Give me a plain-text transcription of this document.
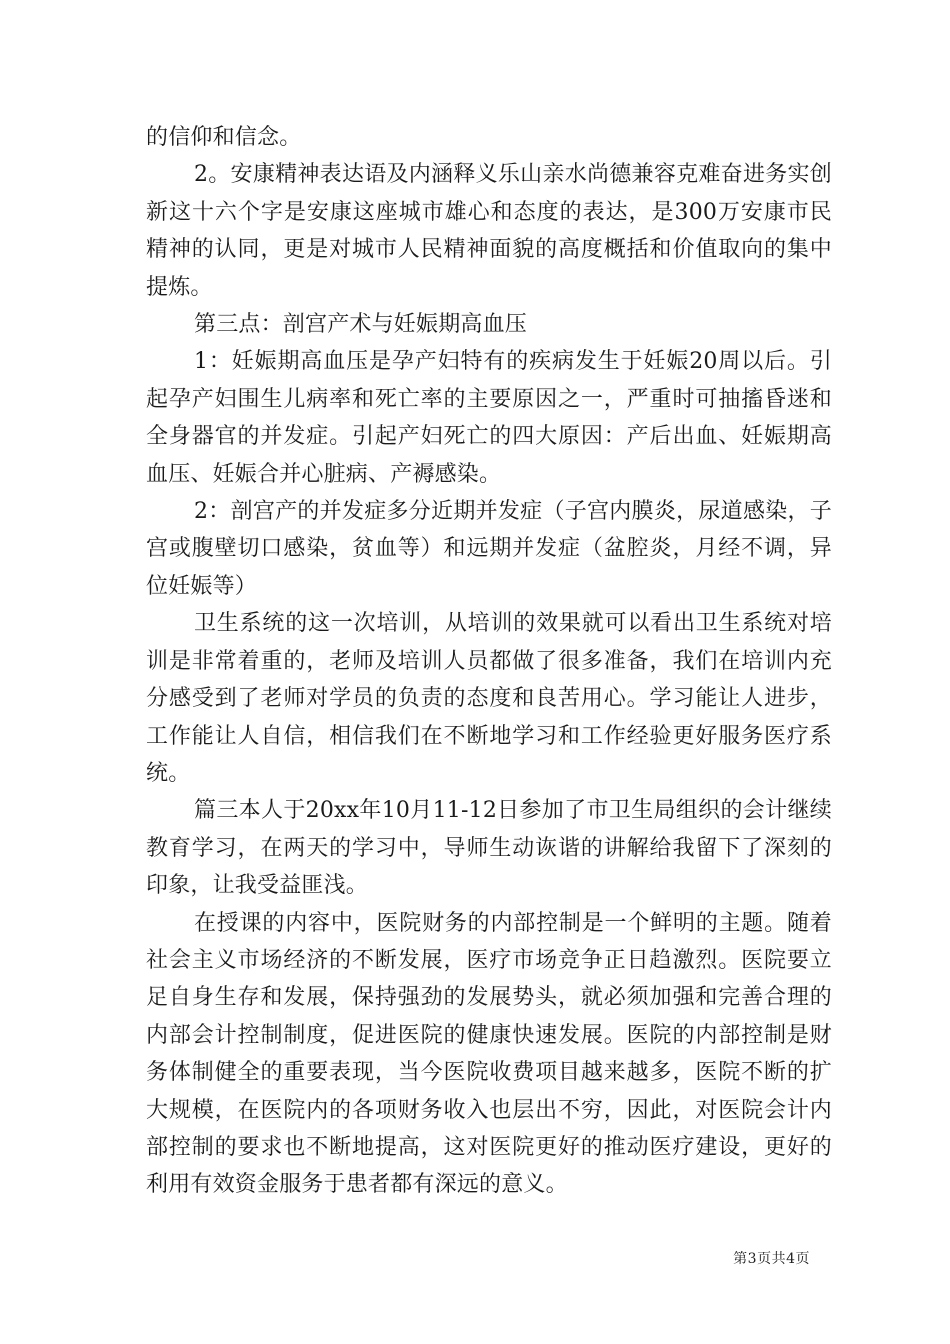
的信仰和信念。

2。安康精神表达语及内涵释义乐山亲水尚德兼容克难奋进务实创新这十六个字是安康这座城市雄心和态度的表达，是300万安康市民精神的认同，更是对城市人民精神面貌的高度概括和价值取向的集中提炼。

第三点：剖宫产术与妊娠期高血压

1：妊娠期高血压是孕产妇特有的疾病发生于妊娠20周以后。引起孕产妇围生儿病率和死亡率的主要原因之一，严重时可抽搐昏迷和全身器官的并发症。引起产妇死亡的四大原因：产后出血、妊娠期高血压、妊娠合并心脏病、产褥感染。

2：剖宫产的并发症多分近期并发症（子宫内膜炎，尿道感染，子宫或腹壁切口感染，贫血等）和远期并发症（盆腔炎，月经不调，异位妊娠等）

卫生系统的这一次培训，从培训的效果就可以看出卫生系统对培训是非常着重的，老师及培训人员都做了很多准备，我们在培训内充分感受到了老师对学员的负责的态度和良苦用心。学习能让人进步，工作能让人自信，相信我们在不断地学习和工作经验更好服务医疗系统。

篇三本人于20xx年10月11-12日参加了市卫生局组织的会计继续教育学习，在两天的学习中，导师生动诙谐的讲解给我留下了深刻的印象，让我受益匪浅。

在授课的内容中，医院财务的内部控制是一个鲜明的主题。随着社会主义市场经济的不断发展，医疗市场竞争正日趋激烈。医院要立足自身生存和发展，保持强劲的发展势头，就必须加强和完善合理的内部会计控制制度，促进医院的健康快速发展。医院的内部控制是财务体制健全的重要表现，当今医院收费项目越来越多，医院不断的扩大规模，在医院内的各项财务收入也层出不穷，因此，对医院会计内部控制的要求也不断地提高，这对医院更好的推动医疗建设，更好的利用有效资金服务于患者都有深远的意义。

第3页共4页
